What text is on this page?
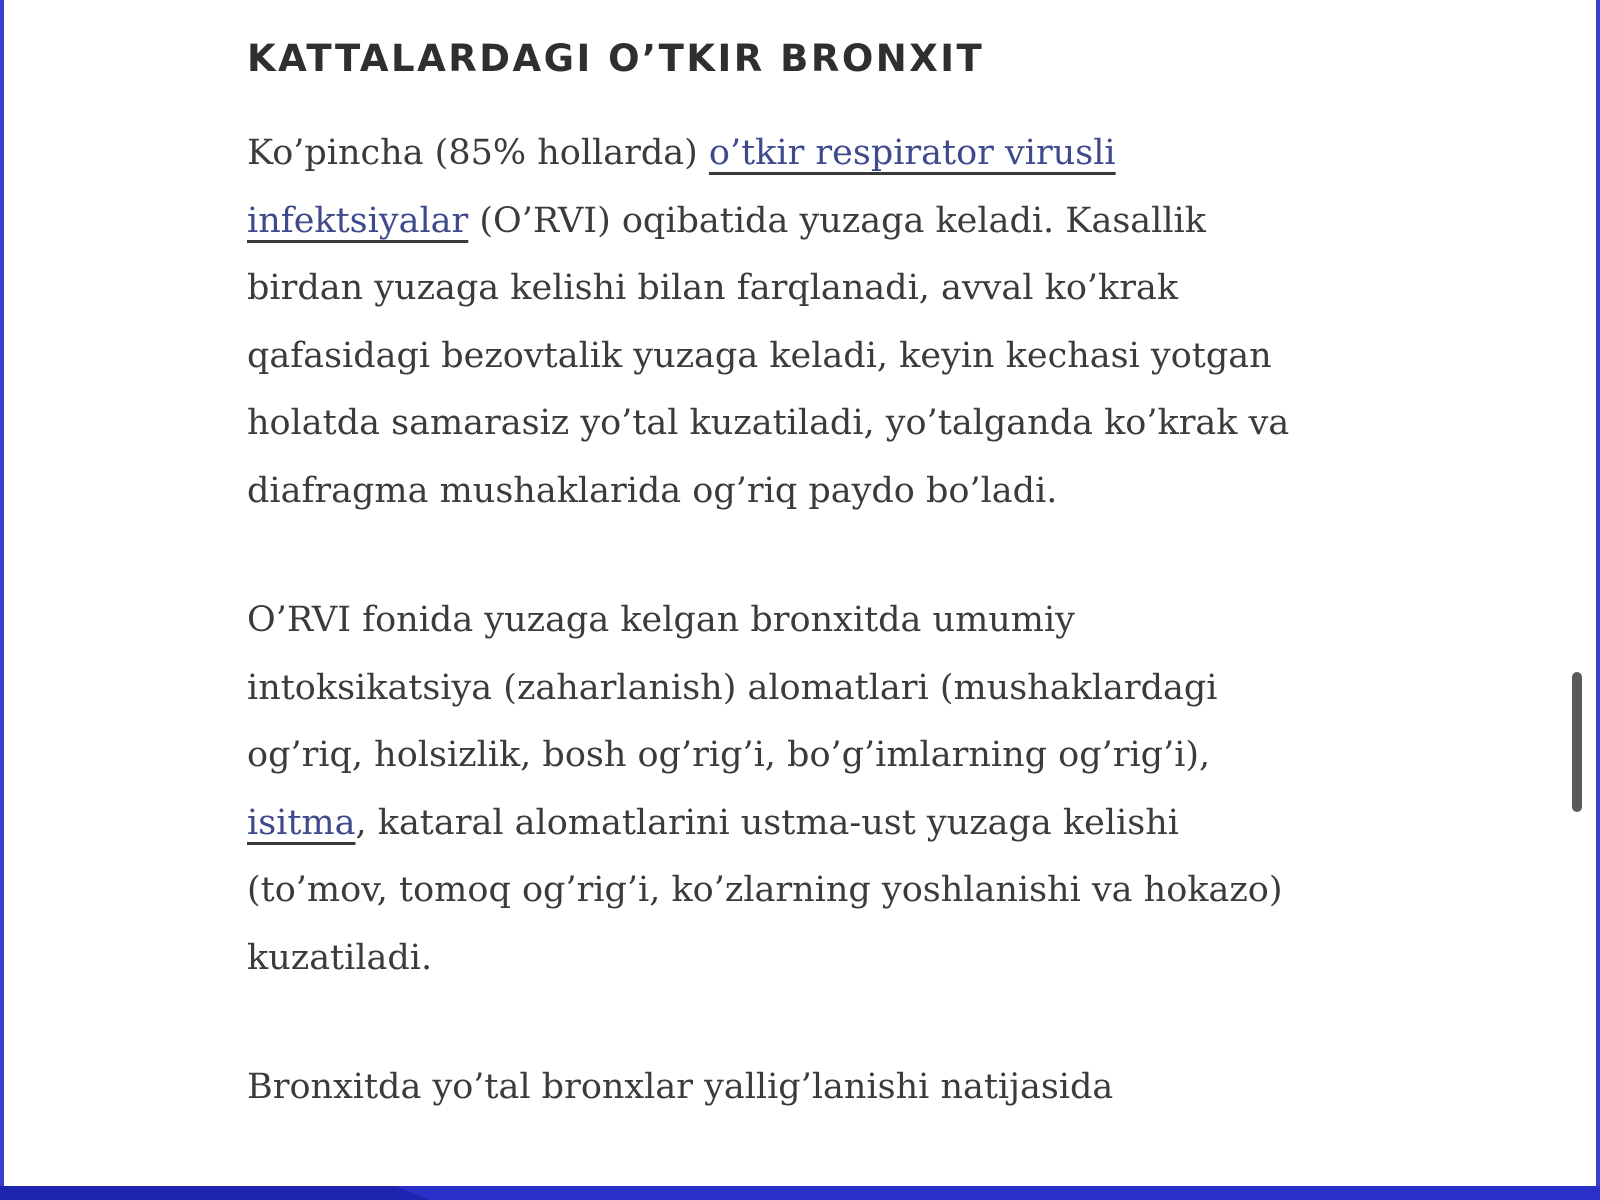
KATTALARDAGI O’TKIR BRONXIT

Ko’pincha (85% hollarda) o’tkir respirator virusli infektsiyalar (O’RVI) oqibatida yuzaga keladi. Kasallik birdan yuzaga kelishi bilan farqlanadi, avval ko’krak qafasidagi bezovtalik yuzaga keladi, keyin kechasi yotgan holatda samarasiz yo’tal kuzatiladi, yo’talganda ko’krak va diafragma mushaklarida og’riq paydo bo’ladi.

O’RVI fonida yuzaga kelgan bronxitda umumiy intoksikatsiya (zaharlanish) alomatlari (mushaklardagi og’riq, holsizlik, bosh og’rig’i, bo’g’imlarning og’rig’i), isitma, kataral alomatlarini ustma-ust yuzaga kelishi (to’mov, tomoq og’rig’i, ko’zlarning yoshlanishi va hokazo) kuzatiladi.

Bronxitda yo’tal bronxlar yallig’lanishi natijasida
